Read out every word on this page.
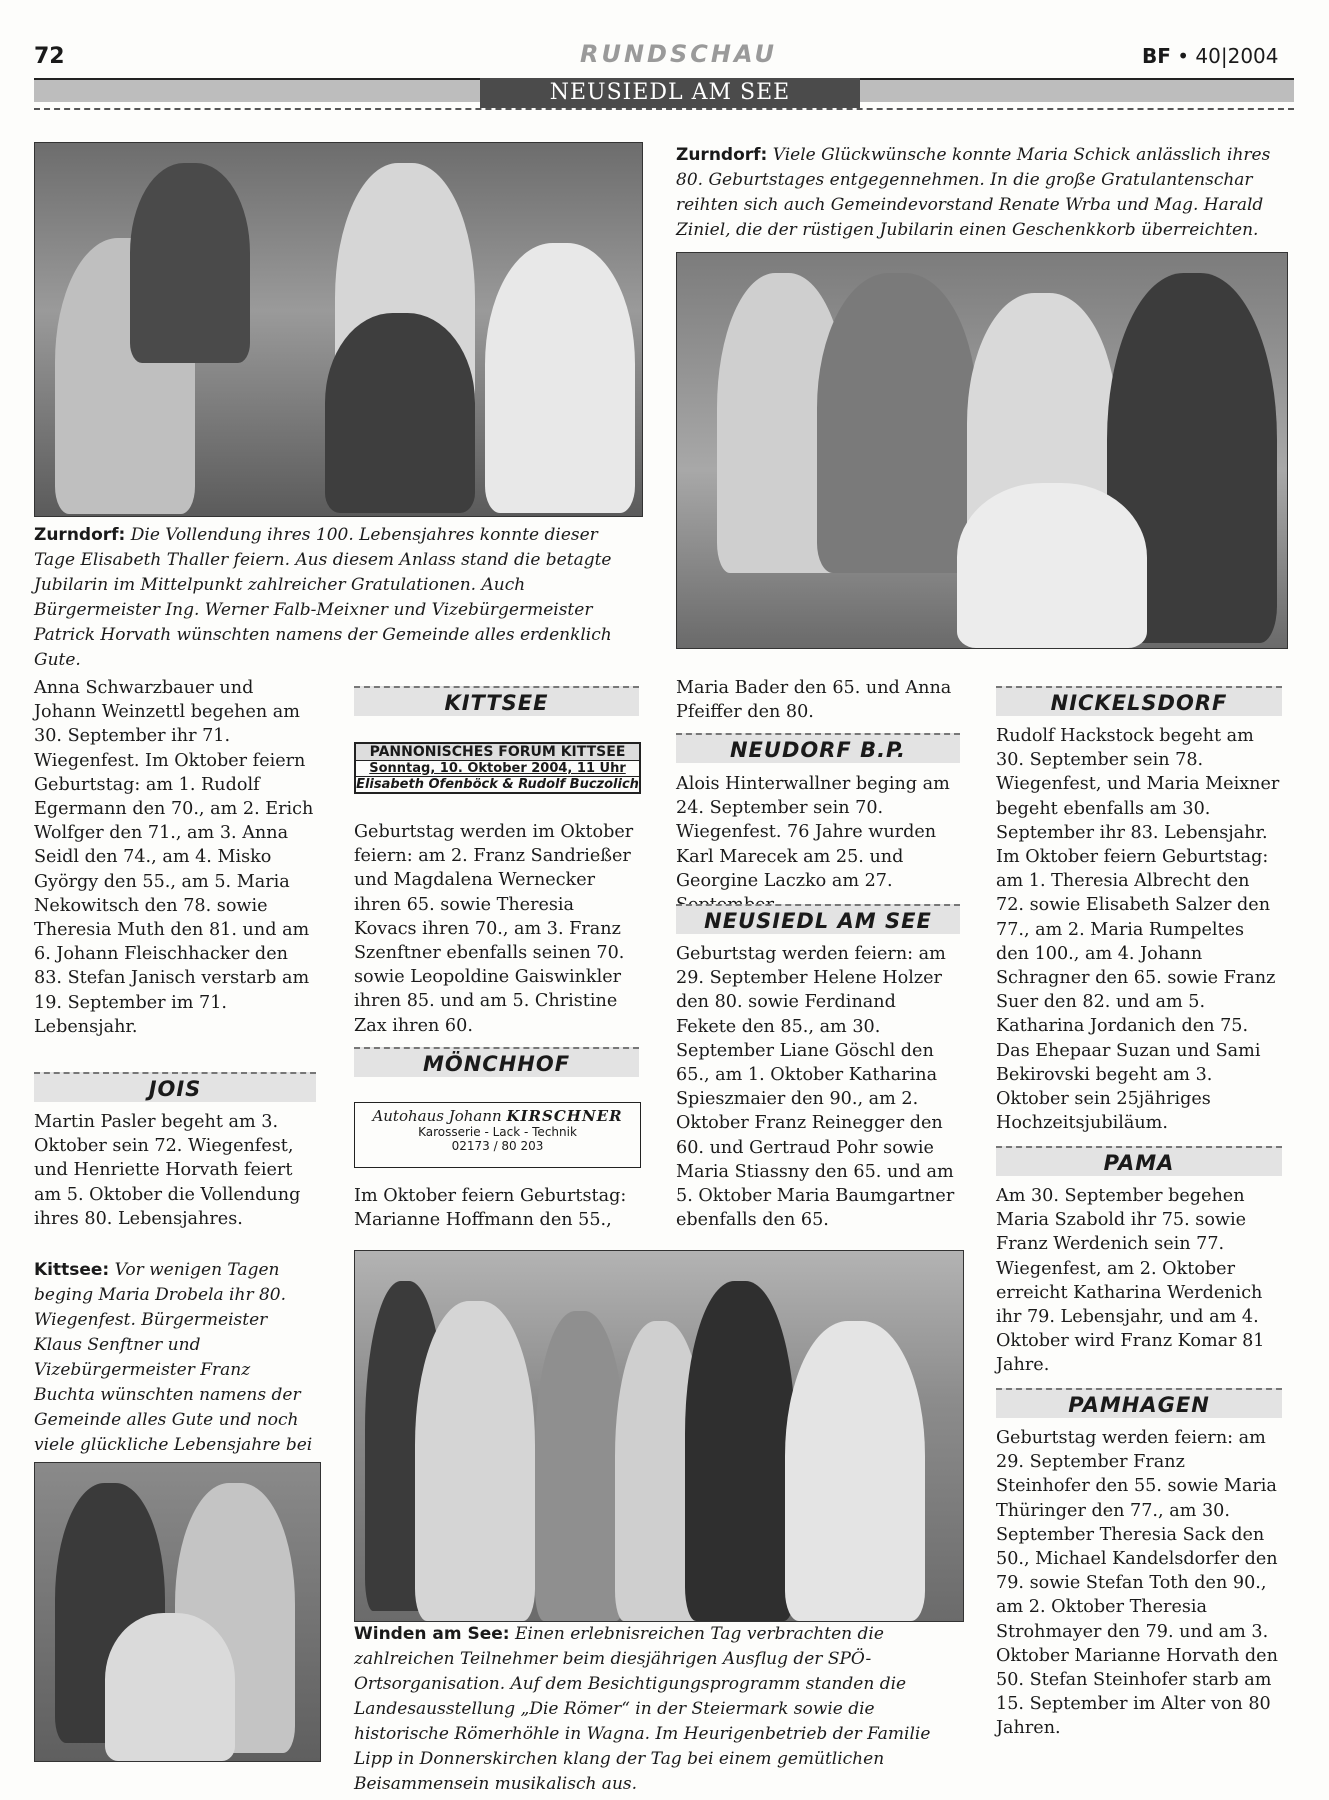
72	RUNDSCHAU	BF • 40|2004
NEUSIEDL AM SEE
Zurndorf: Die Vollendung ihres 100. Lebensjahres konnte dieser Tage Elisabeth Thaller feiern. Aus diesem Anlass stand die betagte Jubilarin im Mittelpunkt zahlreicher Gratulationen. Auch Bürgermeister Ing. Werner Falb-Meixner und Vizebürgermeister Patrick Horvath wünschten namens der Gemeinde alles erdenklich Gute.
Zurndorf: Viele Glückwünsche konnte Maria Schick anlässlich ihres 80. Geburtstages entgegennehmen. In die große Gratulantenschar reihten sich auch Gemeindevorstand Renate Wrba und Mag. Harald Ziniel, die der rüstigen Jubilarin einen Geschenkkorb überreichten.
Anna Schwarzbauer und Johann Weinzettl begehen am 30. September ihr 71. Wiegenfest. Im Oktober feiern Geburtstag: am 1. Rudolf Egermann den 70., am 2. Erich Wolfger den 71., am 3. Anna Seidl den 74., am 4. Misko György den 55., am 5. Maria Nekowitsch den 78. sowie Theresia Muth den 81. und am 6. Johann Fleischhacker den 83. Stefan Janisch verstarb am 19. September im 71. Lebensjahr.
JOIS
Martin Pasler begeht am 3. Oktober sein 72. Wiegenfest, und Henriette Horvath feiert am 5. Oktober die Vollendung ihres 80. Lebensjahres.
Kittsee: Vor wenigen Tagen beging Maria Drobela ihr 80. Wiegenfest. Bürgermeister Klaus Senftner und Vizebürgermeister Franz Buchta wünschten namens der Gemeinde alles Gute und noch viele glückliche Lebensjahre bei
KITTSEE
PANNONISCHES FORUM KITTSEE
Sonntag, 10. Oktober 2004, 11 Uhr
Elisabeth Ofenböck & Rudolf Buczolich
Geburtstag werden im Oktober feiern: am 2. Franz Sandrießer und Magdalena Wernecker ihren 65. sowie Theresia Kovacs ihren 70., am 3. Franz Szenftner ebenfalls seinen 70. sowie Leopoldine Gaiswinkler ihren 85. und am 5. Christine Zax ihren 60.
MÖNCHHOF
Autohaus Johann KIRSCHNER
Karosserie - Lack - Technik
02173 / 80 203
Im Oktober feiern Geburtstag: Marianne Hoffmann den 55.,
Maria Bader den 65. und Anna Pfeiffer den 80.
NEUDORF B.P.
Alois Hinterwallner beging am 24. September sein 70. Wiegenfest. 76 Jahre wurden Karl Marecek am 25. und Georgine Laczko am 27.
NEUSIEDL AM SEE
Geburtstag werden feiern: am 29. September Helene Holzer den 80. sowie Ferdinand Fekete den 85., am 30. September Liane Göschl den 65., am 1. Oktober Katharina Spieszmaier den 90., am 2. Oktober Franz Reinegger den 60. und Gertraud Pohr sowie Maria Stiassny den 65. und am 5. Oktober Maria Baumgartner ebenfalls den 65.
Winden am See: Einen erlebnisreichen Tag verbrachten die zahlreichen Teilnehmer beim diesjährigen Ausflug der SPÖ-Ortsorganisation. Auf dem Besichtigungsprogramm standen die Landesausstellung „Die Römer“ in der Steiermark sowie die historische Römerhöhle in Wagna. Im Heurigenbetrieb der Familie Lipp in Donnerskirchen klang der Tag bei einem gemütlichen Beisammensein musikalisch aus.
NICKELSDORF
Rudolf Hackstock begeht am 30. September sein 78. Wiegenfest, und Maria Meixner begeht ebenfalls am 30. September ihr 83. Lebensjahr. Im Oktober feiern Geburtstag: am 1. Theresia Albrecht den 72. sowie Elisabeth Salzer den 77., am 2. Maria Rumpeltes den 100., am 4. Johann Schragner den 65. sowie Franz Suer den 82. und am 5. Katharina Jordanich den 75. Das Ehepaar Suzan und Sami Bekirovski begeht am 3. Oktober sein 25jähriges Hochzeitsjubiläum.
PAMA
Am 30. September begehen Maria Szabold ihr 75. sowie Franz Werdenich sein 77. Wiegenfest, am 2. Oktober erreicht Katharina Werdenich ihr 79. Lebensjahr, und am 4. Oktober wird Franz Komar 81 Jahre.
PAMHAGEN
Geburtstag werden feiern: am 29. September Franz Steinhofer den 55. sowie Maria Thüringer den 77., am 30. September Theresia Sack den 50., Michael Kandelsdorfer den 79. sowie Stefan Toth den 90., am 2. Oktober Theresia Strohmayer den 79. und am 3. Oktober Marianne Horvath den 50. Stefan Steinhofer starb am 15. September im Alter von 80 Jahren.
